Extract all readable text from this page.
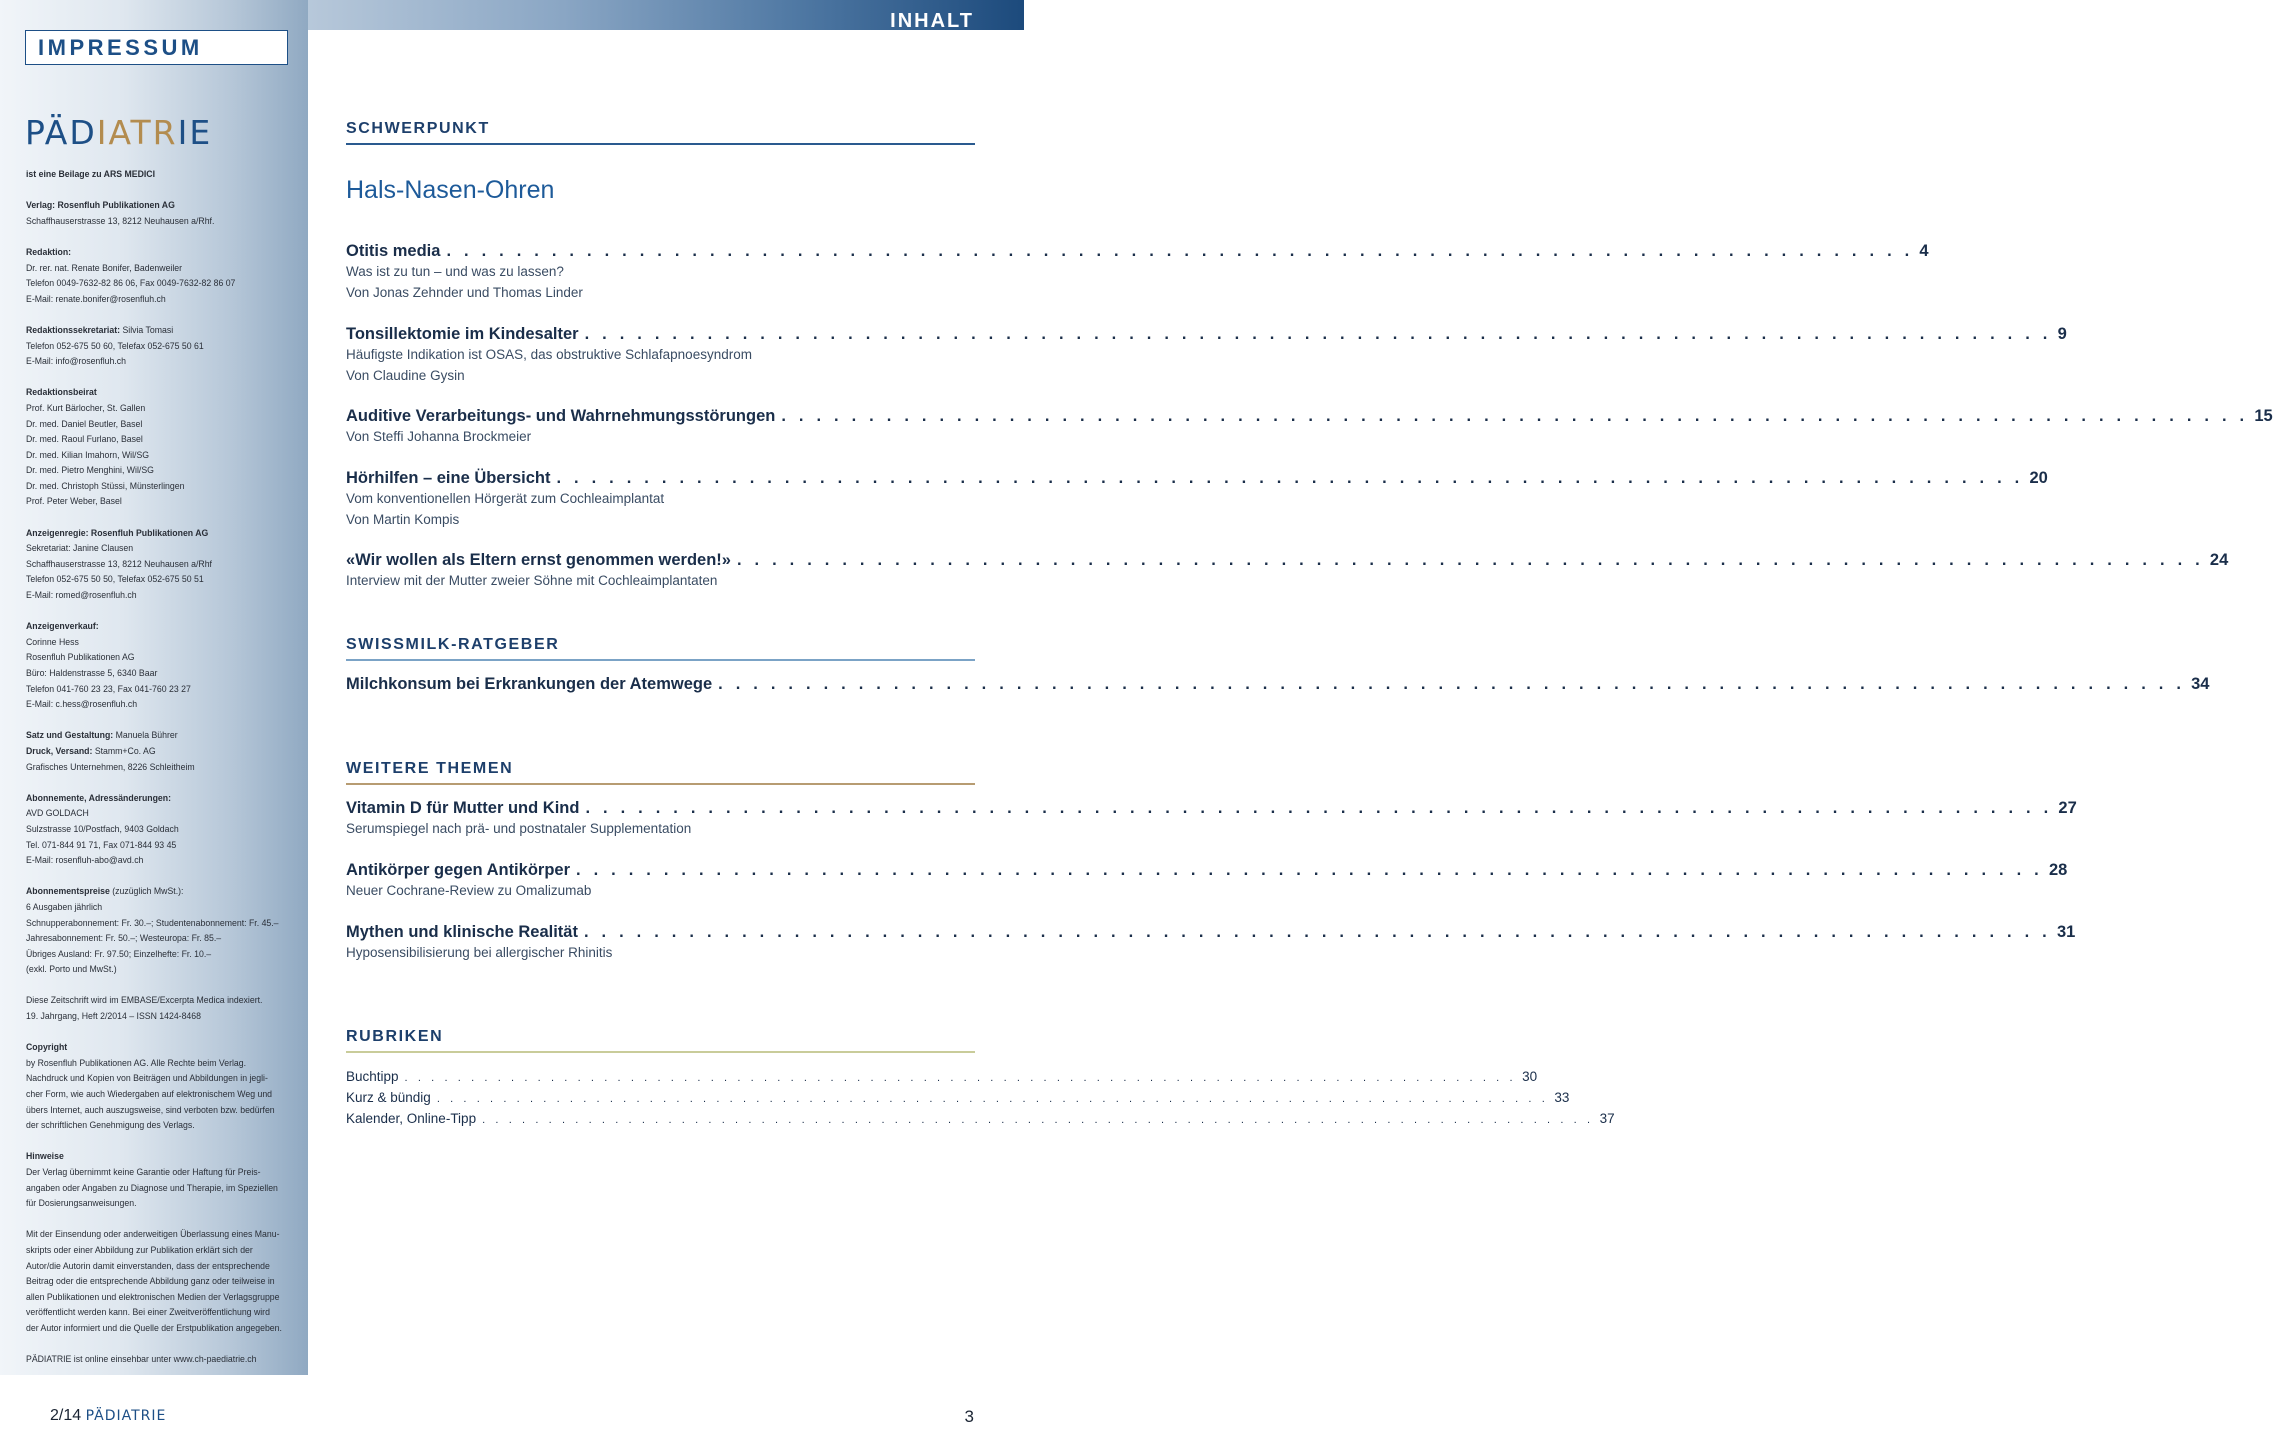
INHALT
IMPRESSUM
PÄDIATRIE
ist eine Beilage zu ARS MEDICI
Verlag: Rosenfluh Publikationen AG
Schaffhauserstrasse 13, 8212 Neuhausen a/Rhf.
Redaktion:
Dr. rer. nat. Renate Bonifer, Badenweiler
Telefon 0049-7632-82 86 06, Fax 0049-7632-82 86 07
E-Mail: renate.bonifer@rosenfluh.ch
Redaktionssekretariat: Silvia Tomasi
Telefon 052-675 50 60, Telefax 052-675 50 61
E-Mail: info@rosenfluh.ch
Redaktionsbeirat
Prof. Kurt Bärlocher, St. Gallen
Dr. med. Daniel Beutler, Basel
Dr. med. Raoul Furlano, Basel
Dr. med. Kilian Imahorn, Wil/SG
Dr. med. Pietro Menghini, Wil/SG
Dr. med. Christoph Stüssi, Münsterlingen
Prof. Peter Weber, Basel
Anzeigenregie: Rosenfluh Publikationen AG
Sekretariat: Janine Clausen
Schaffhauserstrasse 13, 8212 Neuhausen a/Rhf
Telefon 052-675 50 50, Telefax 052-675 50 51
E-Mail: romed@rosenfluh.ch
Anzeigenverkauf:
Corinne Hess
Rosenfluh Publikationen AG
Büro: Haldenstrasse 5, 6340 Baar
Telefon 041-760 23 23, Fax 041-760 23 27
E-Mail: c.hess@rosenfluh.ch
Satz und Gestaltung: Manuela Bührer
Druck, Versand: Stamm+Co. AG
Grafisches Unternehmen, 8226 Schleitheim
Abonnemente, Adressänderungen:
AVD GOLDACH
Sulzstrasse 10/Postfach, 9403 Goldach
Tel. 071-844 91 71, Fax 071-844 93 45
E-Mail: rosenfluh-abo@avd.ch
Abonnementspreise (zuzüglich MwSt.):
6 Ausgaben jährlich
Schnupperabonnement: Fr. 30.–; Studentenabonnement: Fr. 45.–
Jahresabonnement: Fr. 50.–; Westeuropa: Fr. 85.–
Übriges Ausland: Fr. 97.50; Einzelhefte: Fr. 10.–
(exkl. Porto und MwSt.)
Diese Zeitschrift wird im EMBASE/Excerpta Medica indexiert.
19. Jahrgang, Heft 2/2014 – ISSN 1424-8468
Copyright
by Rosenfluh Publikationen AG. Alle Rechte beim Verlag.
Nachdruck und Kopien von Beiträgen und Abbildungen in jegli-
cher Form, wie auch Wiedergaben auf elektronischem Weg und
übers Internet, auch auszugsweise, sind verboten bzw. bedürfen
der schriftlichen Genehmigung des Verlags.
Hinweise
Der Verlag übernimmt keine Garantie oder Haftung für Preis-
angaben oder Angaben zu Diagnose und Therapie, im Speziellen
für Dosierungsanweisungen.
Mit der Einsendung oder anderweitigen Überlassung eines Manu-
skripts oder einer Abbildung zur Publikation erklärt sich der
Autor/die Autorin damit einverstanden, dass der entsprechende
Beitrag oder die entsprechende Abbildung ganz oder teilweise in
allen Publikationen und elektronischen Medien der Verlagsgruppe
veröffentlicht werden kann. Bei einer Zweitveröffentlichung wird
der Autor informiert und die Quelle der Erstpublikation angegeben.
PÄDIATRIE ist online einsehbar unter www.ch-paediatrie.ch
SCHWERPUNKT
Hals-Nasen-Ohren
SWISSMILK-RATGEBER
WEITERE THEMEN
RUBRIKEN
Otitis media . . . . . . . . . . . . . . . . . . . . . . . . . . . . . . . . . . . . . . . . . . . . . . . . . . . . . . . . . . . . . . . . . . . . . . . . . . . . . . . . . . . . 4
Was ist zu tun – und was zu lassen?
Von Jonas Zehnder und Thomas Linder
Tonsillektomie im Kindesalter . . . . . . . . . . . . . . . . . . . . . . . . . . . . . . . . . . . . . . . . . . . . . . . . . . . . . . . . . . . . . . . . . . . . . . . . . . . . . . . . . . . . 9
Häufigste Indikation ist OSAS, das obstruktive Schlafapnoesyndrom
Von Claudine Gysin
Auditive Verarbeitungs- und Wahrnehmungsstörungen . . . . . . . . . . . . . . . . . . . . . . . . . . . . . . . . . . . . . . . . . . . . . . . . . . . . . . . . . . . . . . . . . . . . . . . . . . . . . . . . . . . . 15
Von Steffi Johanna Brockmeier
Hörhilfen – eine Übersicht . . . . . . . . . . . . . . . . . . . . . . . . . . . . . . . . . . . . . . . . . . . . . . . . . . . . . . . . . . . . . . . . . . . . . . . . . . . . . . . . . . . . 20
Vom konventionellen Hörgerät zum Cochleaimplantat
Von Martin Kompis
«Wir wollen als Eltern ernst genommen werden!» . . . . . . . . . . . . . . . . . . . . . . . . . . . . . . . . . . . . . . . . . . . . . . . . . . . . . . . . . . . . . . . . . . . . . . . . . . . . . . . . . . . . 24
Interview mit der Mutter zweier Söhne mit Cochleaimplantaten
Milchkonsum bei Erkrankungen der Atemwege . . . . . . . . . . . . . . . . . . . . . . . . . . . . . . . . . . . . . . . . . . . . . . . . . . . . . . . . . . . . . . . . . . . . . . . . . . . . . . . . . . . . 34
Vitamin D für Mutter und Kind . . . . . . . . . . . . . . . . . . . . . . . . . . . . . . . . . . . . . . . . . . . . . . . . . . . . . . . . . . . . . . . . . . . . . . . . . . . . . . . . . . . . 27
Serumspiegel nach prä- und postnataler Supplementation
Antikörper gegen Antikörper . . . . . . . . . . . . . . . . . . . . . . . . . . . . . . . . . . . . . . . . . . . . . . . . . . . . . . . . . . . . . . . . . . . . . . . . . . . . . . . . . . . . 28
Neuer Cochrane-Review zu Omalizumab
Mythen und klinische Realität . . . . . . . . . . . . . . . . . . . . . . . . . . . . . . . . . . . . . . . . . . . . . . . . . . . . . . . . . . . . . . . . . . . . . . . . . . . . . . . . . . . . 31
Hyposensibilisierung bei allergischer Rhinitis
Buchtipp . . . . . . . . . . . . . . . . . . . . . . . . . . . . . . . . . . . . . . . . . . . . . . . . . . . . . . . . . . . . . . . . . . . . . . . . . . . . . . . . . . . . 30
Kurz & bündig . . . . . . . . . . . . . . . . . . . . . . . . . . . . . . . . . . . . . . . . . . . . . . . . . . . . . . . . . . . . . . . . . . . . . . . . . . . . . . . . . . . . 33
Kalender, Online-Tipp . . . . . . . . . . . . . . . . . . . . . . . . . . . . . . . . . . . . . . . . . . . . . . . . . . . . . . . . . . . . . . . . . . . . . . . . . . . . . . . . . . . . 37
2/14 PÄDIATRIE	3
